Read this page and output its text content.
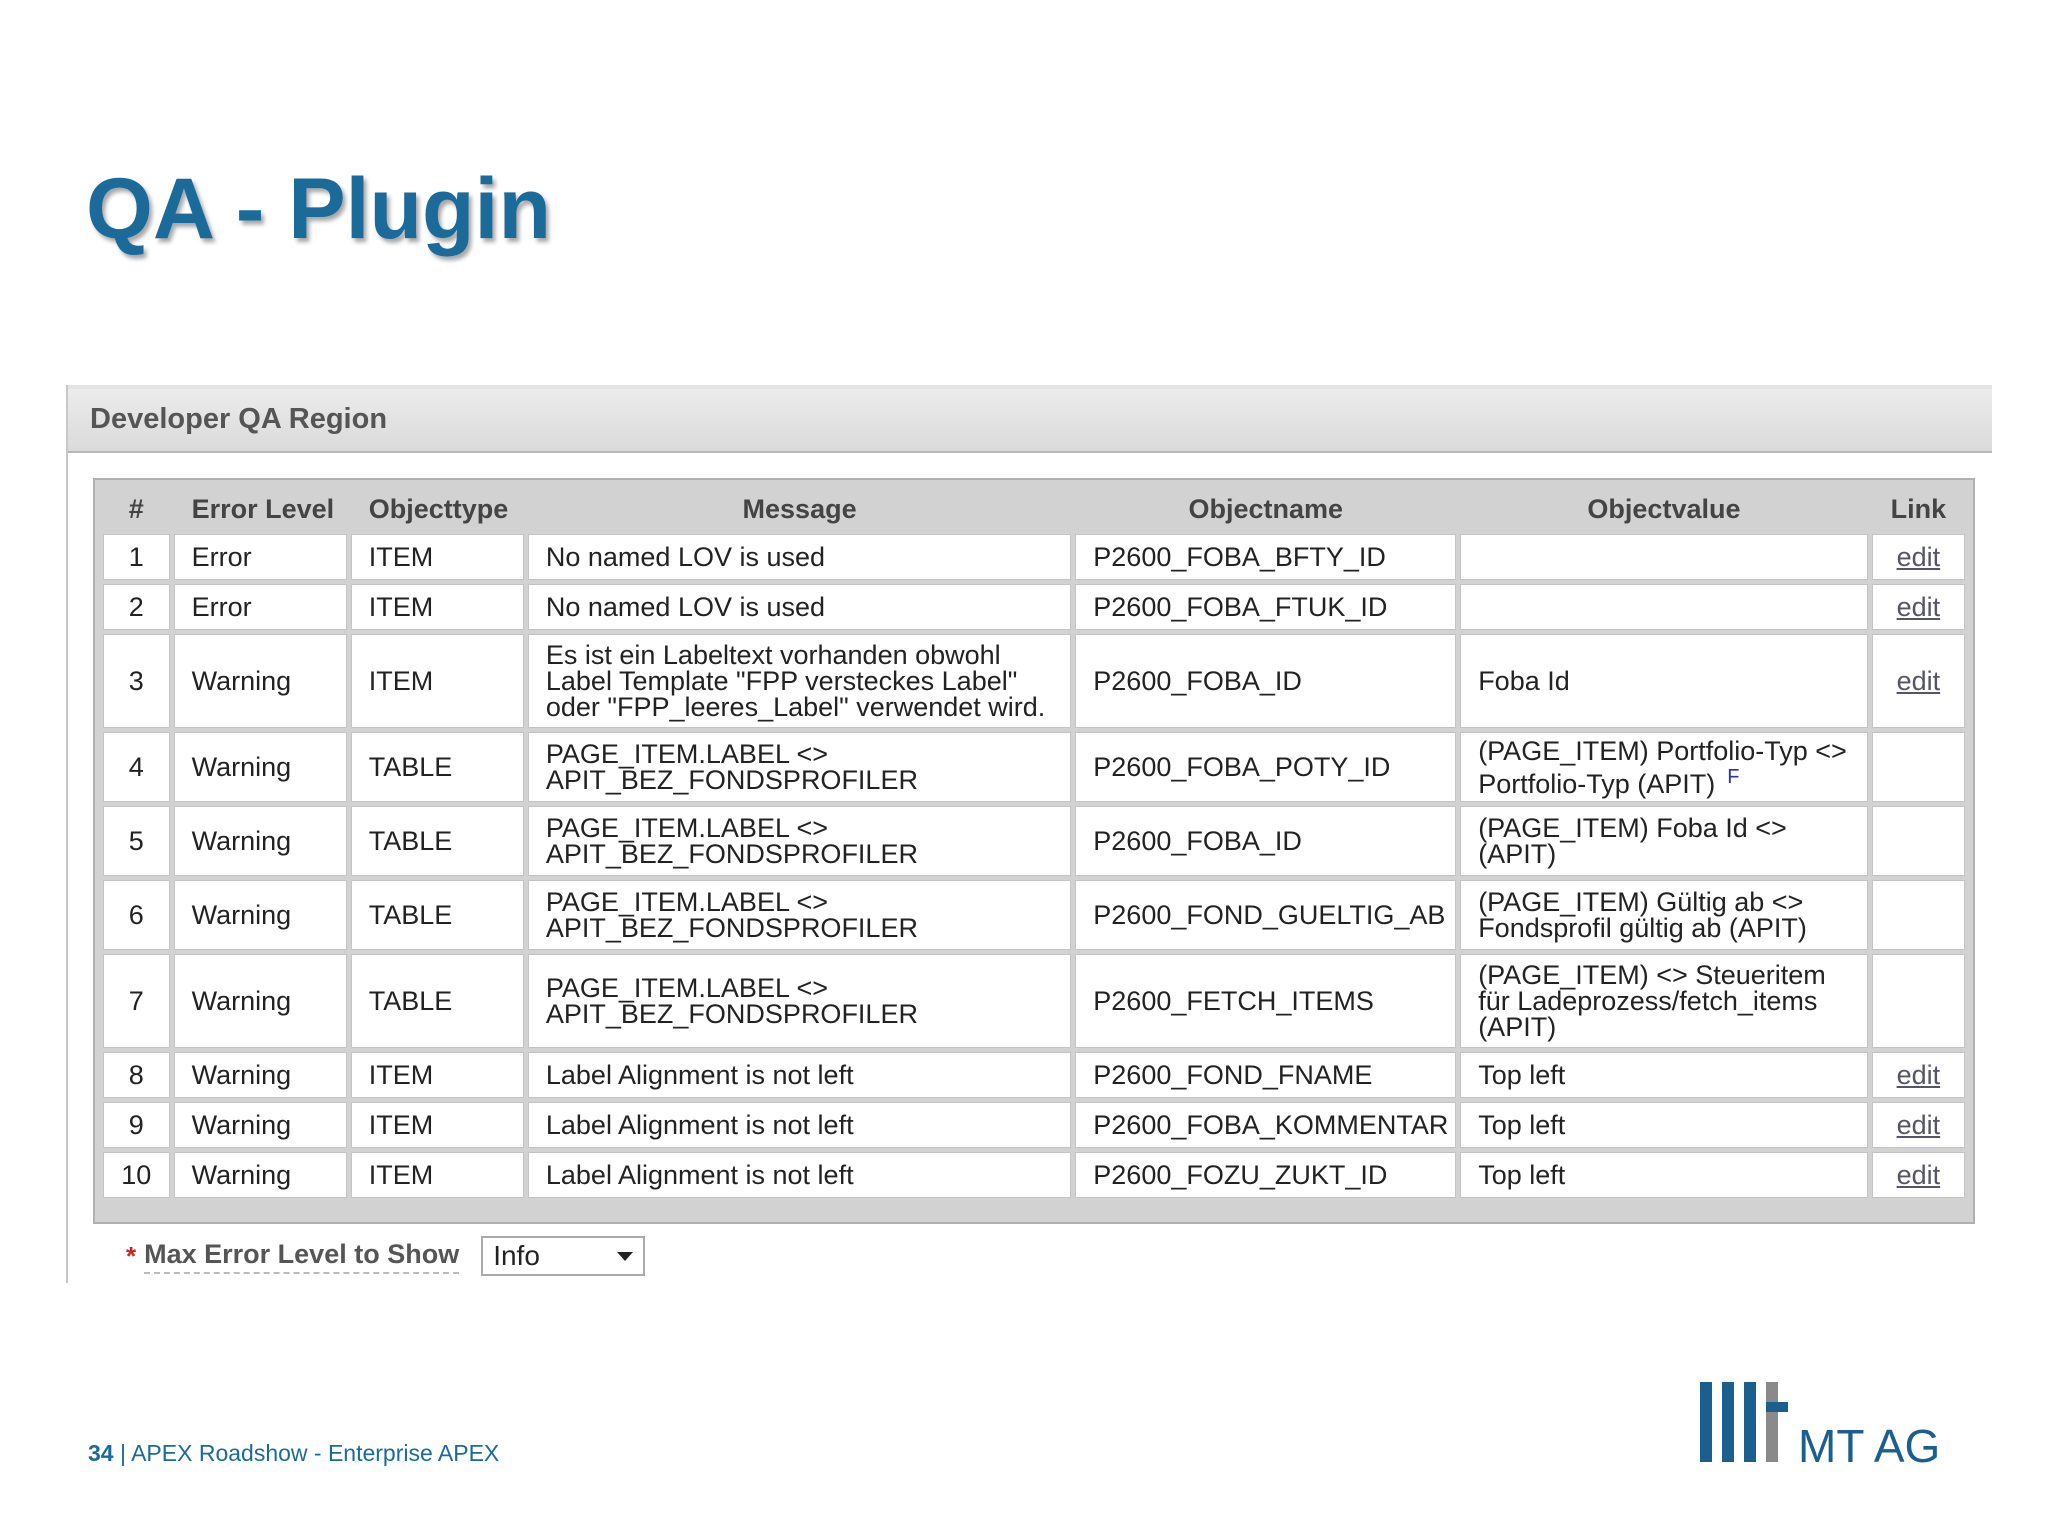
QA - Plugin
Developer QA Region
#	Error Level	Objecttype	Message	Objectname	Objectvalue	Link
1	Error	ITEM	No named LOV is used	P2600_FOBA_BFTY_ID		edit
2	Error	ITEM	No named LOV is used	P2600_FOBA_FTUK_ID		edit
3	Warning	ITEM	Es ist ein Labeltext vorhanden obwohl Label Template "FPP versteckes Label" oder "FPP_leeres_Label" verwendet wird.	P2600_FOBA_ID	Foba Id	edit
4	Warning	TABLE	PAGE_ITEM.LABEL <> APIT_BEZ_FONDSPROFILER	P2600_FOBA_POTY_ID	(PAGE_ITEM) Portfolio-Typ <> Portfolio-Typ (APIT) $^F$	
5	Warning	TABLE	PAGE_ITEM.LABEL <> APIT_BEZ_FONDSPROFILER	P2600_FOBA_ID	(PAGE_ITEM) Foba Id <> (APIT)	
6	Warning	TABLE	PAGE_ITEM.LABEL <> APIT_BEZ_FONDSPROFILER	P2600_FOND_GUELTIG_AB	(PAGE_ITEM) Gültig ab <> Fondsprofil gültig ab (APIT)	
7	Warning	TABLE	PAGE_ITEM.LABEL <> APIT_BEZ_FONDSPROFILER	P2600_FETCH_ITEMS	(PAGE_ITEM) <> Steueritem für Ladeprozess/fetch_items (APIT)	
8	Warning	ITEM	Label Alignment is not left	P2600_FOND_FNAME	Top left	edit
9	Warning	ITEM	Label Alignment is not left	P2600_FOBA_KOMMENTAR	Top left	edit
10	Warning	ITEM	Label Alignment is not left	P2600_FOZU_ZUKT_ID	Top left	edit
* Max Error Level to Show Info
34 | APEX Roadshow - Enterprise APEX	MT AG
